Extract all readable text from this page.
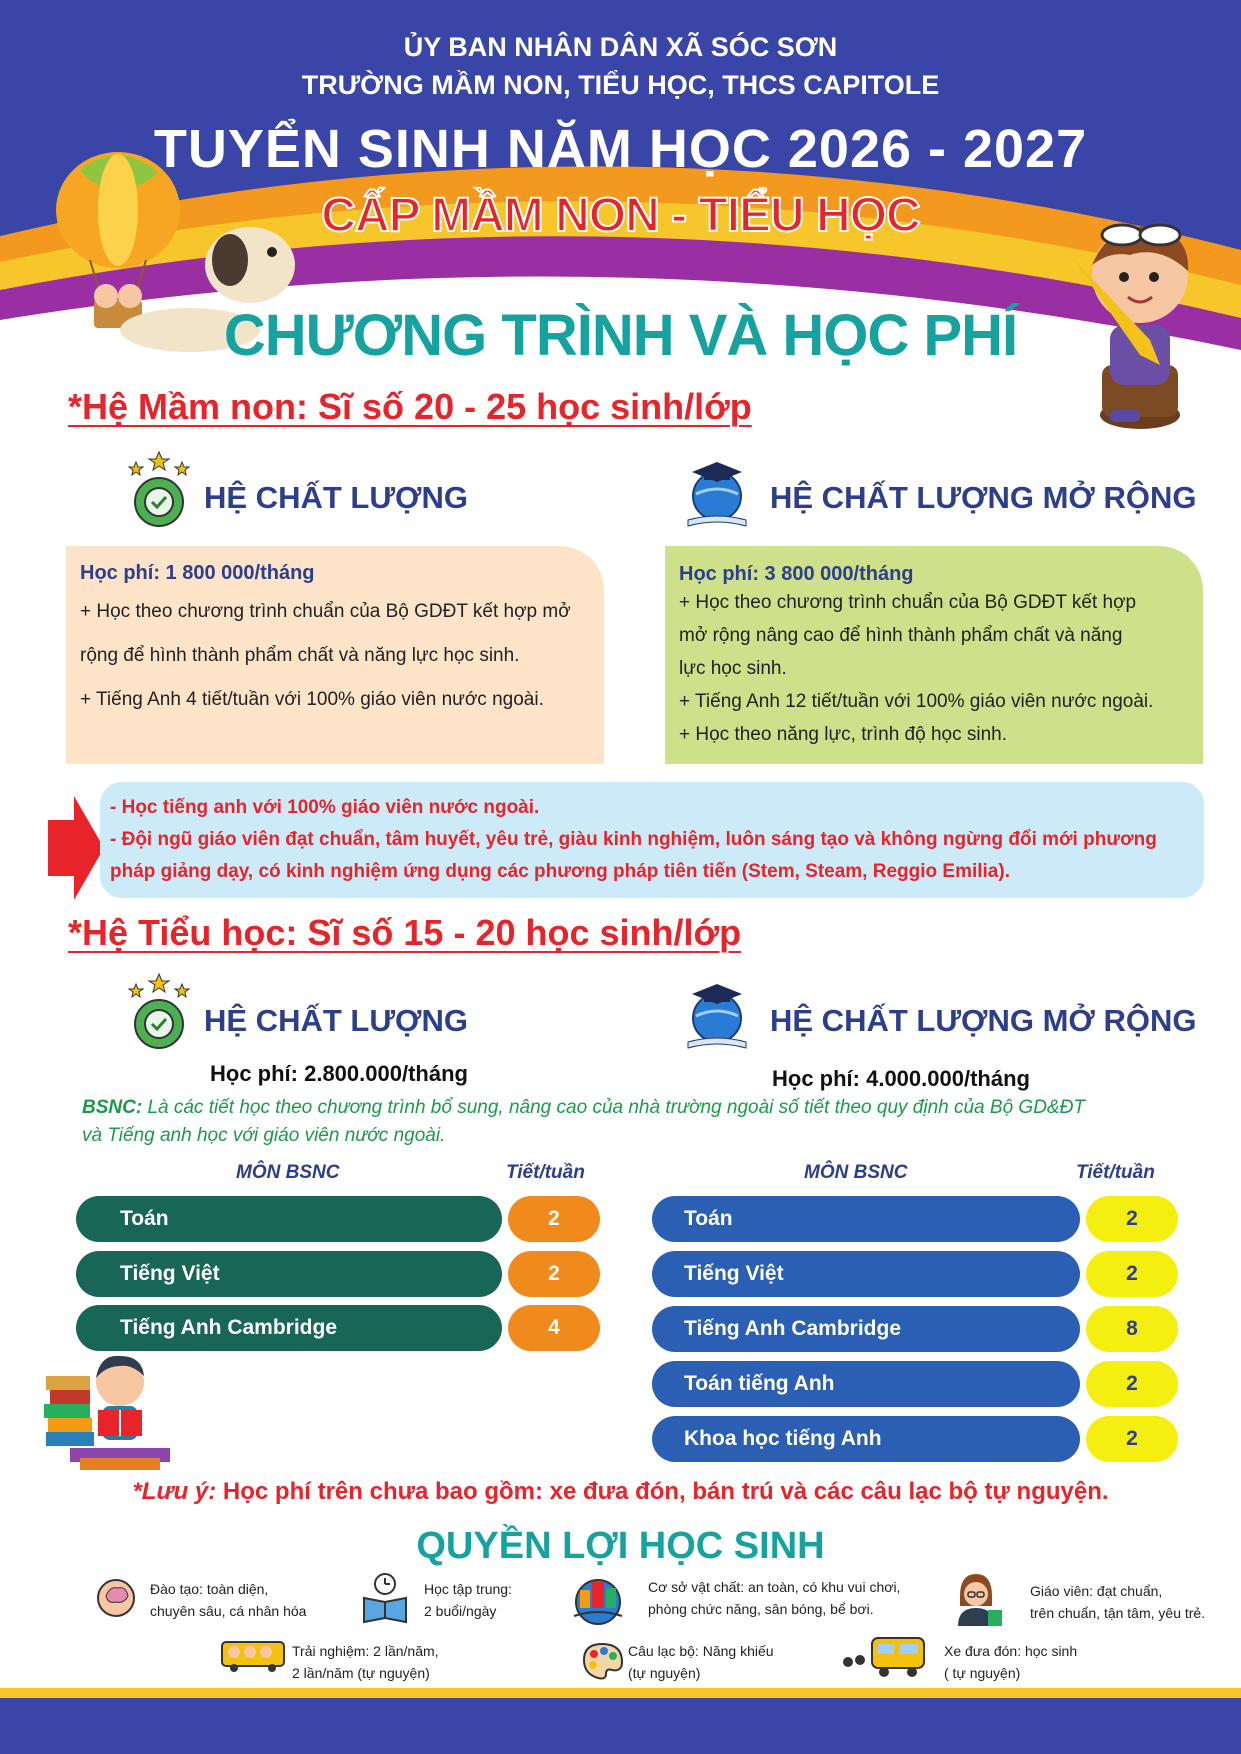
ỦY BAN NHÂN DÂN XÃ SÓC SƠN
TRƯỜNG MẦM NON, TIỂU HỌC, THCS CAPITOLE
TUYỂN SINH NĂM HỌC 2026 - 2027
CẤP MẦM NON - TIỂU HỌC
CHƯƠNG TRÌNH VÀ HỌC PHÍ
*Hệ Mầm non: Sĩ số 20 - 25 học sinh/lớp
HỆ CHẤT LƯỢNG	HỆ CHẤT LƯỢNG MỞ RỘNG
Học phí: 1 800 000/tháng
+ Học theo chương trình chuẩn của Bộ GDĐT kết hợp mở
rộng để hình thành phẩm chất và năng lực học sinh.
+ Tiếng Anh 4 tiết/tuần với 100% giáo viên nước ngoài.
Học phí: 3 800 000/tháng
+ Học theo chương trình chuẩn của Bộ GDĐT kết hợp
mở rộng nâng cao để hình thành phẩm chất và năng
lực học sinh.
+ Tiếng Anh 12 tiết/tuần với 100% giáo viên nước ngoài.
+ Học theo năng lực, trình độ học sinh.
- Học tiếng anh với 100% giáo viên nước ngoài.
- Đội ngũ giáo viên đạt chuẩn, tâm huyết, yêu trẻ, giàu kinh nghiệm, luôn sáng tạo và không ngừng đổi mới phương
pháp giảng dạy, có kinh nghiệm ứng dụng các phương pháp tiên tiến (Stem, Steam, Reggio Emilia).
*Hệ Tiểu học: Sĩ số 15 - 20 học sinh/lớp
HỆ CHẤT LƯỢNG
Học phí: 2.800.000/tháng
HỆ CHẤT LƯỢNG MỞ RỘNG
Học phí: 4.000.000/tháng
BSNC: Là các tiết học theo chương trình bổ sung, nâng cao của nhà trường ngoài số tiết theo quy định của Bộ GD&ĐT
và Tiếng anh học với giáo viên nước ngoài.
MÔN BSNC	Tiết/tuần	MÔN BSNC	Tiết/tuần
Toán	2
Tiếng Việt	2
Tiếng Anh Cambridge	4
Toán	2
Tiếng Việt	2
Tiếng Anh Cambridge	8
Toán tiếng Anh	2
Khoa học tiếng Anh	2
*Lưu ý: Học phí trên chưa bao gồm: xe đưa đón, bán trú và các câu lạc bộ tự nguyện.
QUYỀN LỢI HỌC SINH
Đào tạo: toàn diện,
chuyên sâu, cá nhân hóa
Học tập trung:
2 buổi/ngày
Cơ sở vật chất: an toàn, có khu vui chơi,
phòng chức năng, sân bóng, bể bơi.
Giáo viên: đạt chuẩn,
trên chuẩn, tận tâm, yêu trẻ.
Trải nghiệm: 2 lần/năm,
2 lần/năm (tự nguyện)
Câu lạc bộ: Năng khiếu
(tự nguyện)
Xe đưa đón: học sinh
( tự nguyện)
